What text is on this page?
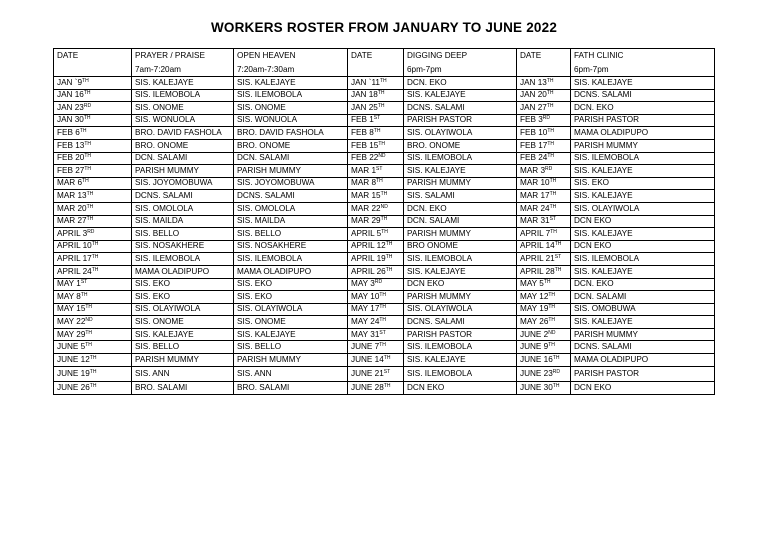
WORKERS ROSTER FROM JANUARY TO JUNE 2022
DATE	PRAYER / PRAISE	OPEN HEAVEN	DATE	DIGGING DEEP	DATE	FATH CLINIC
	7am-7:20am	7:20am-7:30am		6pm-7pm		6pm-7pm
JAN `9TH	SIS. KALEJAYE	SIS. KALEJAYE	JAN `11TH	DCN. EKO	JAN 13TH	SIS. KALEJAYE
JAN 16TH	SIS. ILEMOBOLA	SIS. ILEMOBOLA	JAN 18TH	SIS. KALEJAYE	JAN 20TH	DCNS. SALAMI
JAN 23RD	SIS. ONOME	SIS. ONOME	JAN 25TH	DCNS. SALAMI	JAN 27TH	DCN. EKO
JAN 30TH	SIS. WONUOLA	SIS. WONUOLA	FEB 1ST	PARISH PASTOR	FEB 3RD	PARISH PASTOR
FEB 6TH	BRO. DAVID FASHOLA	BRO. DAVID FASHOLA	FEB 8TH	SIS. OLAYIWOLA	FEB 10TH	MAMA OLADIPUPO
FEB 13TH	BRO. ONOME	BRO. ONOME	FEB 15TH	BRO. ONOME	FEB 17TH	PARISH MUMMY
FEB 20TH	DCN. SALAMI	DCN. SALAMI	FEB 22ND	SIS. ILEMOBOLA	FEB 24TH	SIS. ILEMOBOLA
FEB 27TH	PARISH MUMMY	PARISH MUMMY	MAR 1ST	SIS. KALEJAYE	MAR 3RD	SIS. KALEJAYE
MAR 6TH	SIS. JOYOMOBUWA	SIS. JOYOMOBUWA	MAR 8TH	PARISH MUMMY	MAR 10TH	SIS. EKO
MAR 13TH	DCNS. SALAMI	DCNS. SALAMI	MAR 15TH	SIS. SALAMI	MAR 17TH	SIS. KALEJAYE
MAR 20TH	SIS. OMOLOLA	SIS. OMOLOLA	MAR 22ND	DCN. EKO	MAR 24TH	SIS. OLAYIWOLA
MAR 27TH	SIS. MAILDA	SIS. MAILDA	MAR 29TH	DCN. SALAMI	MAR 31ST	DCN EKO
APRIL 3RD	SIS. BELLO	SIS. BELLO	APRIL 5TH	PARISH MUMMY	APRIL 7TH	SIS. KALEJAYE
APRIL 10TH	SIS. NOSAKHERE	SIS. NOSAKHERE	APRIL 12TH	BRO ONOME	APRIL 14TH	DCN EKO
APRIL 17TH	SIS. ILEMOBOLA	SIS. ILEMOBOLA	APRIL 19TH	SIS. ILEMOBOLA	APRIL 21ST	SIS. ILEMOBOLA
APRIL 24TH	MAMA OLADIPUPO	MAMA OLADIPUPO	APRIL 26TH	SIS. KALEJAYE	APRIL 28TH	SIS. KALEJAYE
MAY 1ST	SIS. EKO	SIS. EKO	MAY 3RD	DCN EKO	MAY 5TH	DCN. EKO
MAY 8TH	SIS. EKO	SIS. EKO	MAY 10TH	PARISH MUMMY	MAY 12TH	DCN. SALAMI
MAY 15TH	SIS. OLAYIWOLA	SIS. OLAYIWOLA	MAY 17TH	SIS. OLAYIWOLA	MAY 19TH	SIS. OMOBUWA
MAY 22ND	SIS. ONOME	SIS. ONOME	MAY 24TH	DCNS. SALAMI	MAY 26TH	SIS. KALEJAYE
MAY 29TH	SIS. KALEJAYE	SIS. KALEJAYE	MAY 31ST	PARISH PASTOR	JUNE 2ND	PARISH MUMMY
JUNE 5TH	SIS. BELLO	SIS. BELLO	JUNE 7TH	SIS. ILEMOBOLA	JUNE 9TH	DCNS. SALAMI
JUNE 12TH	PARISH MUMMY	PARISH MUMMY	JUNE 14TH	SIS. KALEJAYE	JUNE 16TH	MAMA OLADIPUPO
JUNE 19TH	SIS. ANN	SIS. ANN	JUNE 21ST	SIS. ILEMOBOLA	JUNE 23RD	PARISH PASTOR
JUNE 26TH	BRO. SALAMI	BRO. SALAMI	JUNE 28TH	DCN EKO	JUNE 30TH	DCN EKO
